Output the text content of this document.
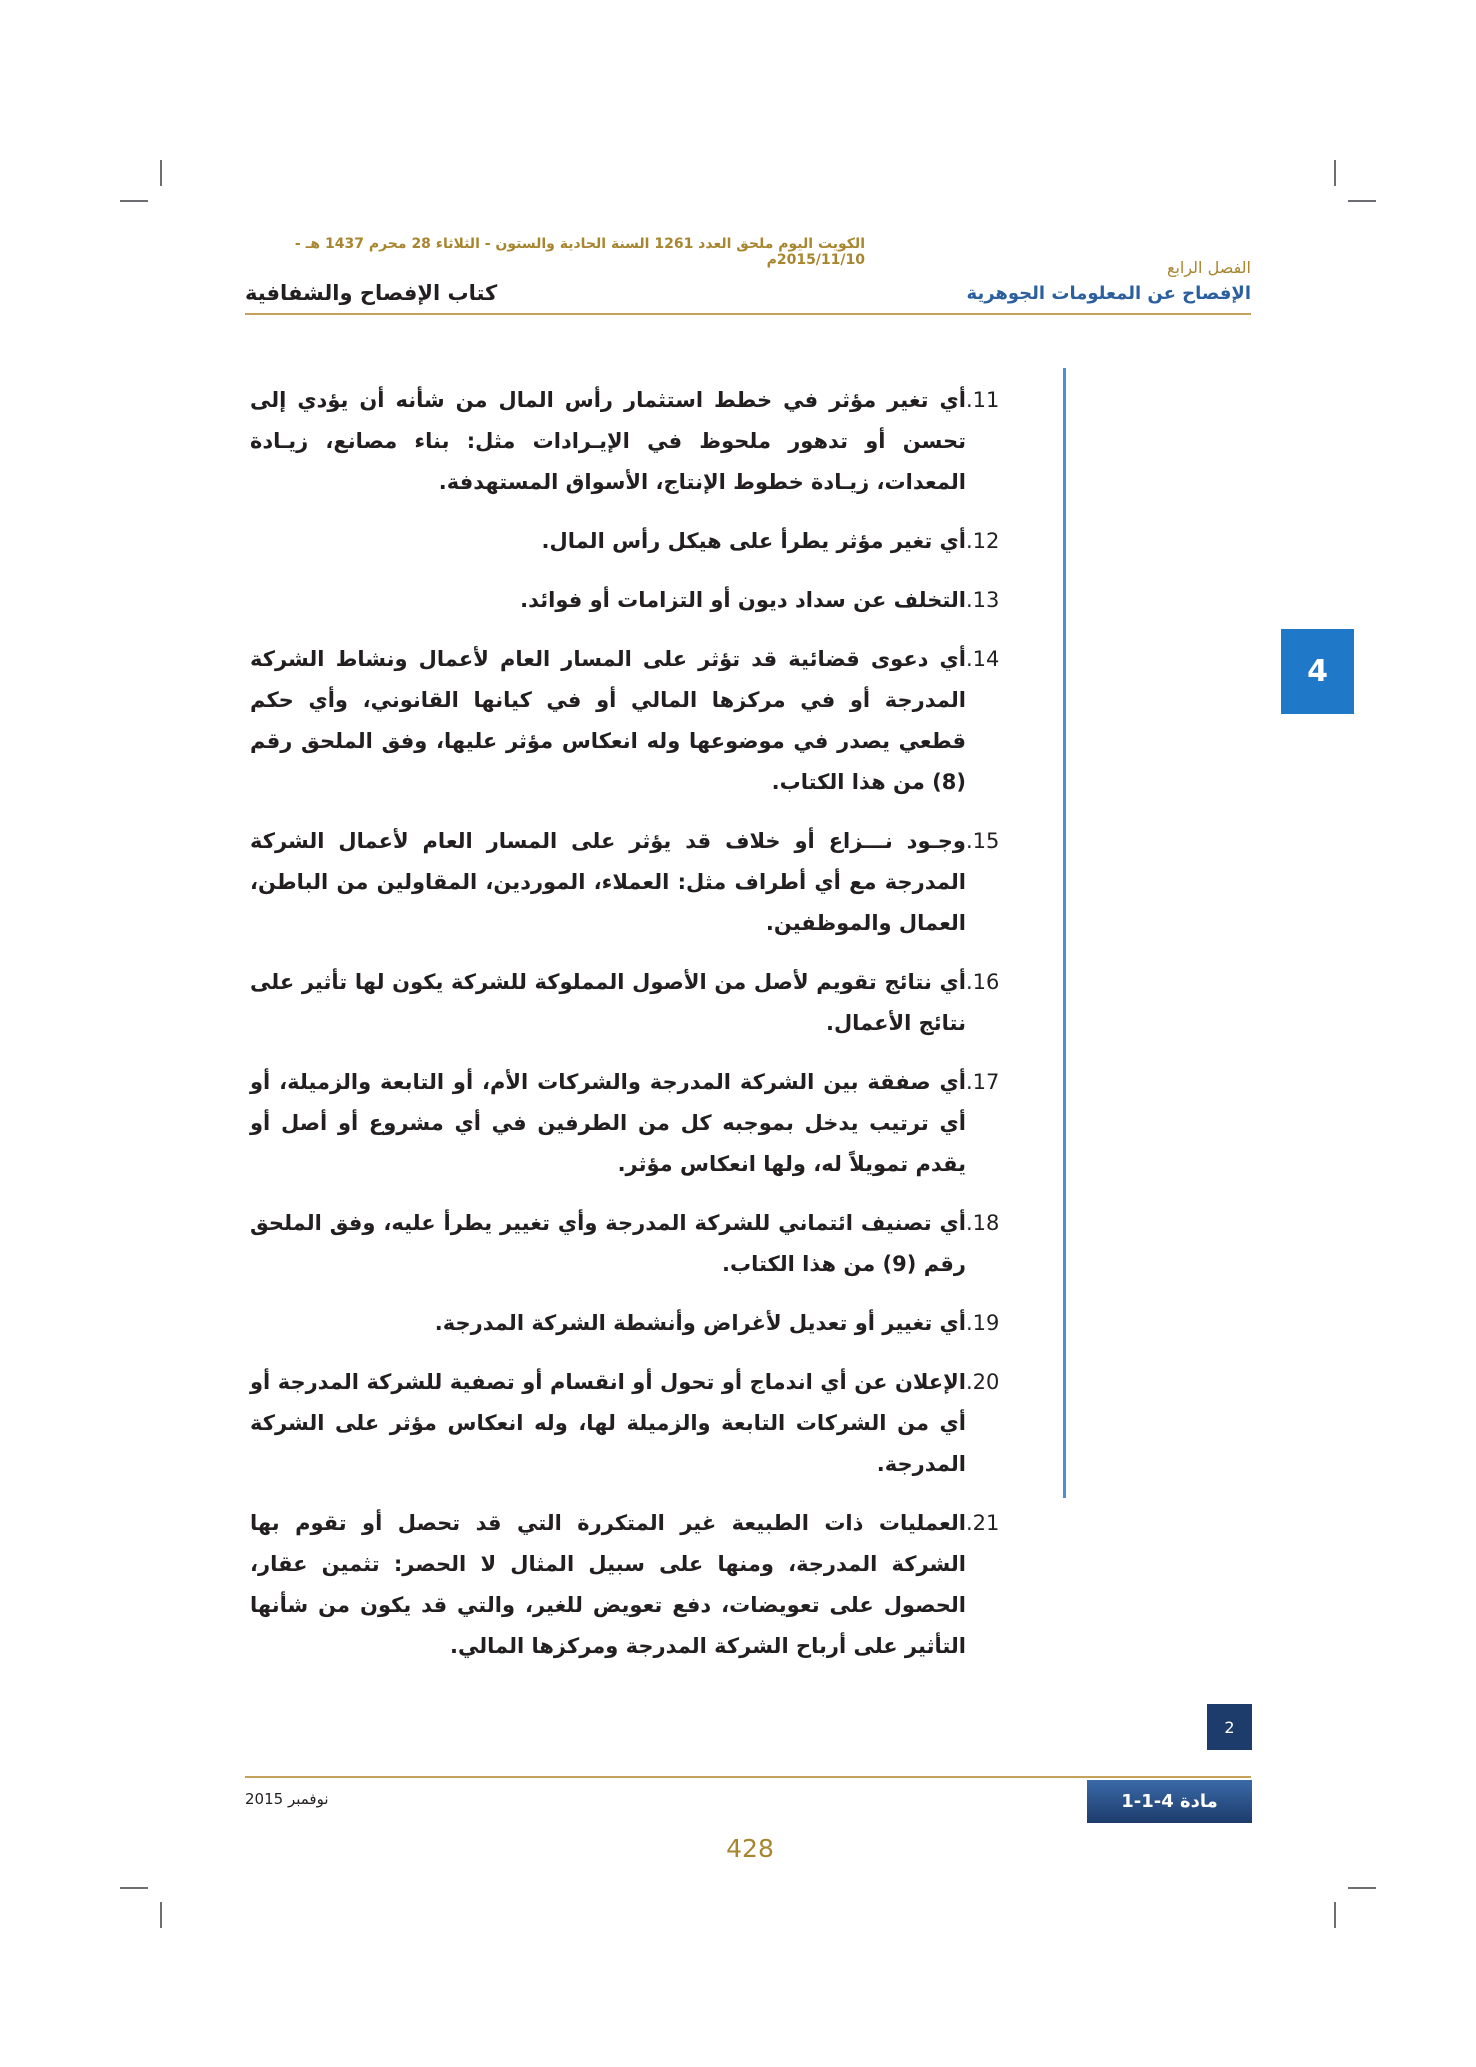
الكويت اليوم ملحق العدد 1261 السنة الحادية والستون - الثلاثاء 28 محرم 1437 هـ - 2015/11/10م	الفصل الرابع
الإفصاح عن المعلومات الجوهرية
كتاب الإفصاح والشفافية
4
.11
أي تغير مؤثر في خطط استثمار رأس المال من شأنه أن يؤدي إلى تحسن أو تدهور ملحوظ في الإيـرادات مثل: بناء مصانع، زيـادة المعدات، زيـادة خطوط الإنتاج، الأسواق المستهدفة.
.12
أي تغير مؤثر يطرأ على هيكل رأس المال.
.13
التخلف عن سداد ديون أو التزامات أو فوائد.
.14
أي دعوى قضائية قد تؤثر على المسار العام لأعمال ونشاط الشركة المدرجة أو في مركزها المالي أو في كيانها القانوني، وأي حكم قطعي يصدر في موضوعها وله انعكاس مؤثر عليها، وفق الملحق رقم (8) من هذا الكتاب.
.15
وجـود نـــزاع أو خلاف قد يؤثر على المسار العام لأعمال الشركة المدرجة مع أي أطراف مثل: العملاء، الموردين، المقاولين من الباطن، العمال والموظفين.
.16
أي نتائج تقويم لأصل من الأصول المملوكة للشركة يكون لها تأثير على نتائج الأعمال.
.17
أي صفقة بين الشركة المدرجة والشركات الأم، أو التابعة والزميلة، أو أي ترتيب يدخل بموجبه كل من الطرفين في أي مشروع أو أصل أو يقدم تمويلاً له، ولها انعكاس مؤثر.
.18
أي تصنيف ائتماني للشركة المدرجة وأي تغيير يطرأ عليه، وفق الملحق رقم (9) من هذا الكتاب.
.19
أي تغيير أو تعديل لأغراض وأنشطة الشركة المدرجة.
.20
الإعلان عن أي اندماج أو تحول أو انقسام أو تصفية للشركة المدرجة أو أي من الشركات التابعة والزميلة لها، وله انعكاس مؤثر على الشركة المدرجة.
.21
العمليات ذات الطبيعة غير المتكررة التي قد تحصل أو تقوم بها الشركة المدرجة، ومنها على سبيل المثال لا الحصر: تثمين عقار، الحصول على تعويضات، دفع تعويض للغير، والتي قد يكون من شأنها التأثير على أرباح الشركة المدرجة ومركزها المالي.
2
نوفمبر 2015	مادة 4-1-1
428
